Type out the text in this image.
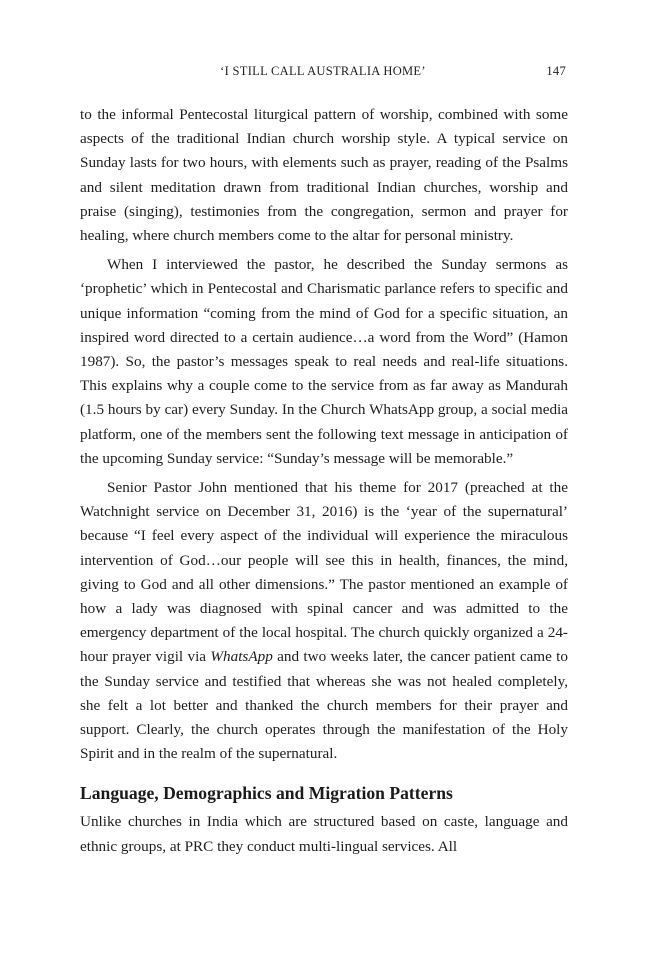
‘I STILL CALL AUSTRALIA HOME’	147

to the informal Pentecostal liturgical pattern of worship, combined with some aspects of the traditional Indian church worship style. A typical service on Sunday lasts for two hours, with elements such as prayer, reading of the Psalms and silent meditation drawn from traditional Indian churches, worship and praise (singing), testimonies from the congregation, sermon and prayer for healing, where church members come to the altar for personal ministry.

When I interviewed the pastor, he described the Sunday sermons as ‘prophetic’ which in Pentecostal and Charismatic parlance refers to specific and unique information “coming from the mind of God for a specific situation, an inspired word directed to a certain audience…a word from the Word” (Hamon 1987). So, the pastor’s messages speak to real needs and real-life situations. This explains why a couple come to the service from as far away as Mandurah (1.5 hours by car) every Sunday. In the Church WhatsApp group, a social media platform, one of the members sent the following text message in anticipation of the upcoming Sunday service: “Sunday’s message will be memorable.”

Senior Pastor John mentioned that his theme for 2017 (preached at the Watchnight service on December 31, 2016) is the ‘year of the supernatural’ because “I feel every aspect of the individual will experience the miraculous intervention of God…our people will see this in health, finances, the mind, giving to God and all other dimensions.” The pastor mentioned an example of how a lady was diagnosed with spinal cancer and was admitted to the emergency department of the local hospital. The church quickly organized a 24-hour prayer vigil via WhatsApp and two weeks later, the cancer patient came to the Sunday service and testified that whereas she was not healed completely, she felt a lot better and thanked the church members for their prayer and support. Clearly, the church operates through the manifestation of the Holy Spirit and in the realm of the supernatural.

Language, Demographics and Migration Patterns

Unlike churches in India which are structured based on caste, language and ethnic groups, at PRC they conduct multi-lingual services. All
